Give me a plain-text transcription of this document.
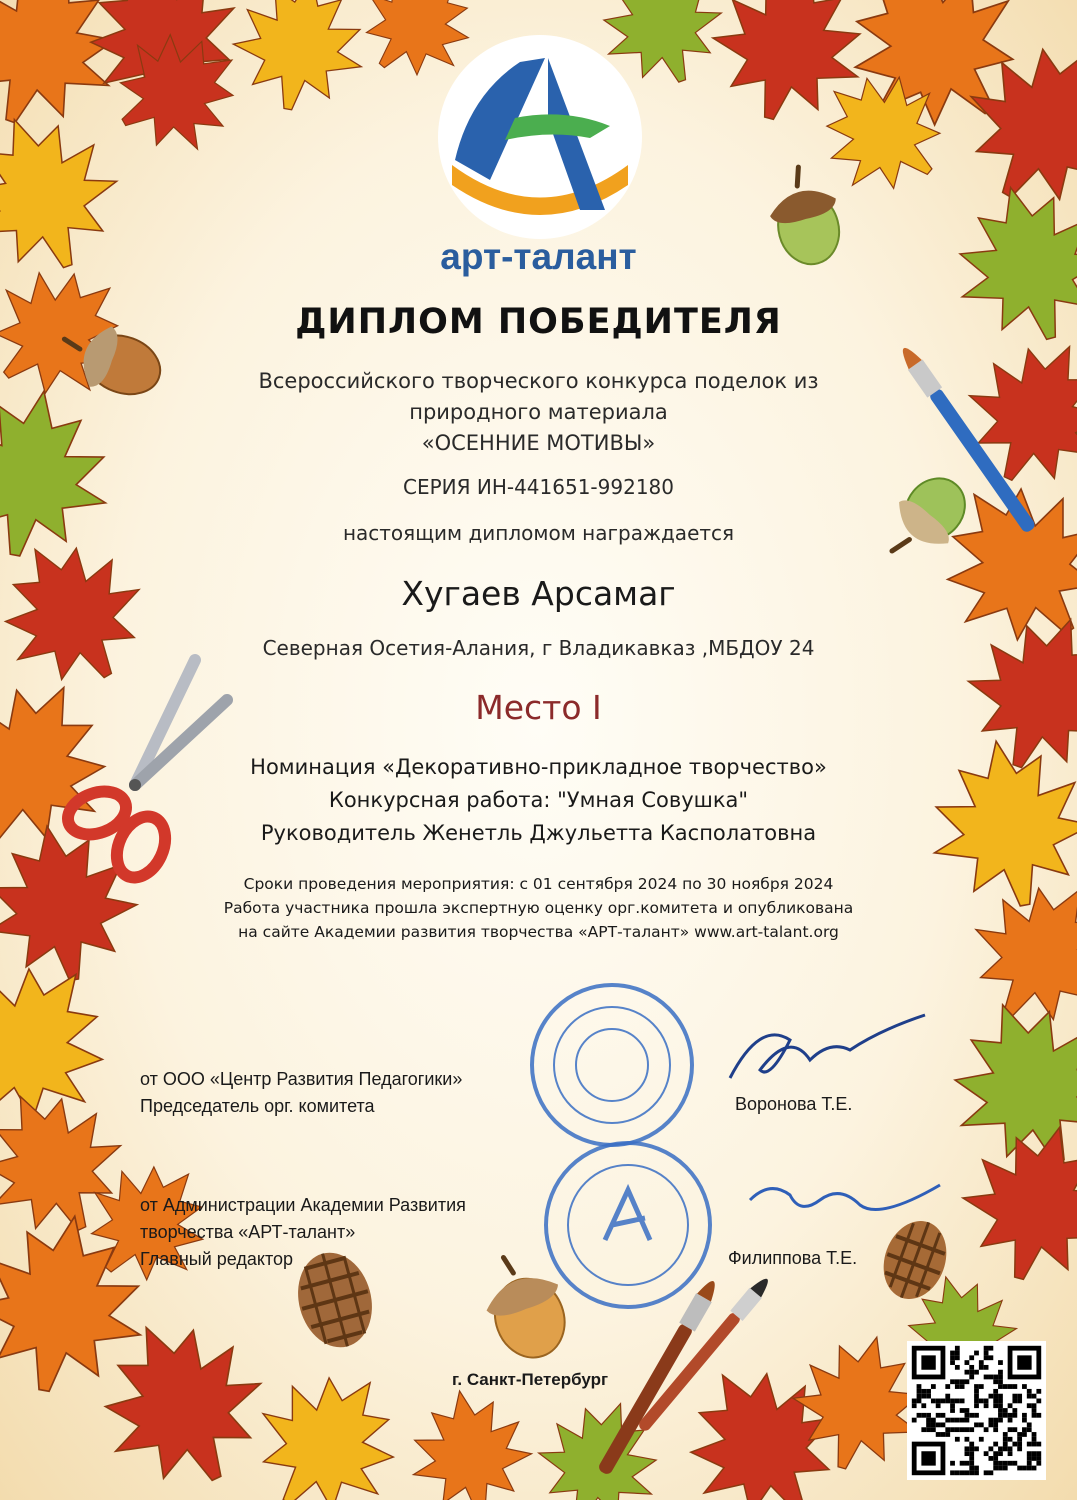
арт-талант
ДИПЛОМ ПОБЕДИТЕЛЯ
Всероссийского творческого конкурса поделок из
природного материала
«ОСЕННИЕ МОТИВЫ»
СЕРИЯ ИН-441651-992180
настоящим дипломом награждается
Хугаев Арсамаг
Северная Осетия-Алания, г Владикавказ ,МБДОУ 24
Место I
Номинация «Декоративно-прикладное творчество»
Конкурсная работа: "Умная Совушка"
Руководитель Женетль Джульетта Касполатовна
Сроки проведения мероприятия: с 01 сентября 2024 по 30 ноября 2024
Работа участника прошла экспертную оценку орг.комитета и опубликована
на сайте Академии развития творчества «АРТ-талант» www.art-talant.org
от ООО «Центр Развития Педагогики»
Председатель орг. комитета	Воронова Т.Е.
от Администрации Академии Развития
творчества «АРТ-талант»
Главный редактор	Филиппова Т.Е.
г. Санкт-Петербург
